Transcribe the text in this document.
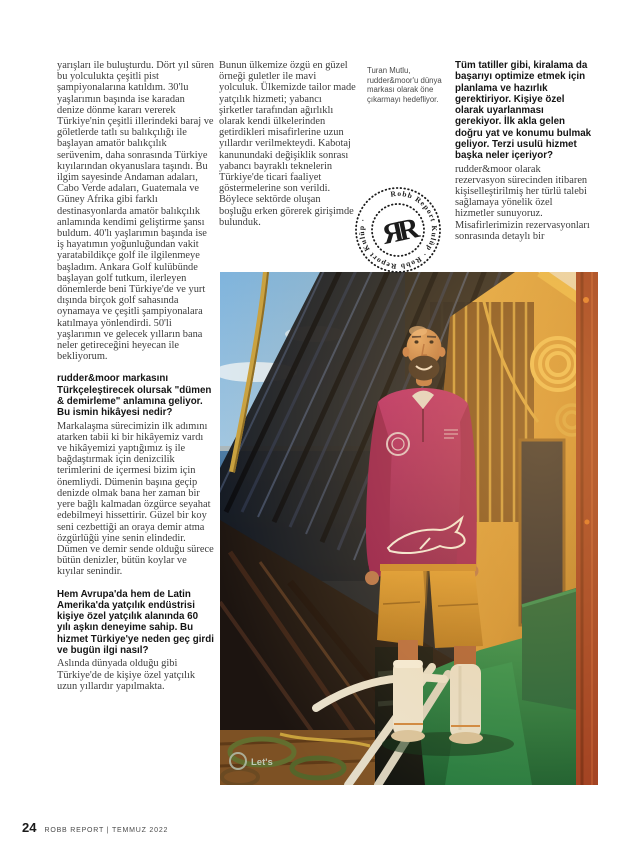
yarışları ile buluşturdu. Dört yıl süren bu yolculukta çeşitli pist şampiyonalarına katıldım. 30'lu yaşlarımın başında ise karadan denize dönme kararı vererek Türkiye'nin çeşitli illerindeki baraj ve göletlerde tatlı su balıkçılığı ile başlayan amatör balıkçılık serüvenim, daha sonrasında Türkiye kıyılarından okyanuslara taşındı. Bu ilgim sayesinde Andaman adaları, Cabo Verde adaları, Guatemala ve Güney Afrika gibi farklı destinasyonlarda amatör balıkçılık anlamında kendimi geliştirme şansı buldum. 40'lı yaşlarımın başında ise iş hayatımın yoğunluğundan vakit yaratabildikçe golf ile ilgilenmeye başladım. Ankara Golf kulübünde başlayan golf tutkum, ilerleyen dönemlerde beni Türkiye'de ve yurt dışında birçok golf sahasında oynamaya ve çeşitli şampiyonalara katılmaya yönlendirdi. 50'li yaşlarımın ve gelecek yılların bana neler getireceğini heyecan ile bekliyorum.

rudder&moor markasını Türkçeleştirecek olursak "dümen & demirleme" anlamına geliyor. Bu ismin hikâyesi nedir?

Markalaşma sürecimizin ilk adımını atarken tabii ki bir hikâyemiz vardı ve hikâyemizi yaptığımız iş ile bağdaştırmak için denizcilik terimlerini de içermesi bizim için önemliydi. Dümenin başına geçip denizde olmak bana her zaman bir yere bağlı kalmadan özgürce seyahat edebilmeyi hissettirir. Güzel bir koy seni cezbettiği an oraya demir atma özgürlüğü yine senin elindedir. Dümen ve demir sende olduğu sürece bütün denizler, bütün koylar ve kıyılar senindir.

Hem Avrupa'da hem de Latin Amerika'da yatçılık endüstrisi kişiye özel yatçılık alanında 60 yılı aşkın deneyime sahip. Bu hizmet Türkiye'ye neden geç girdi ve bugün ilgi nasıl?

Aslında dünyada olduğu gibi Türkiye'de de kişiye özel yatçılık uzun yıllardır yapılmakta.

Bunun ülkemize özgü en güzel örneği guletler ile mavi yolculuk. Ülkemizde tailor made yatçılık hizmeti; yabancı şirketler tarafından ağırlıklı olarak kendi ülkelerinden getirdikleri misafirlerine uzun yıllardır verilmekteydi. Kabotaj kanunundaki değişiklik sonrası yabancı bayraklı teknelerin Türkiye'de ticari faaliyet göstermelerine son verildi. Böylece sektörde oluşan boşluğu erken görerek girişimde bulunduk.

Turan Mutlu, rudder&moor'u dünya markası olarak öne çıkarmayı hedefliyor.

Tüm tatiller gibi, kiralama da başarıyı optimize etmek için planlama ve hazırlık gerektiriyor. Kişiye özel olarak uyarlanması gerekiyor. İlk akla gelen doğru yat ve konumu bulmak geliyor. Terzi usulü hizmet başka neler içeriyor?

rudder&moor olarak rezervasyon sürecinden itibaren kişiselleştirilmiş her türlü talebi sağlamaya yönelik özel hizmetler sunuyoruz. Misafirlerimizin rezervasyonları sonrasında detaylı bir

Let's
Robb Report Kulüp · Robb Report Kulüp · ЯR
24 ROBB REPORT | TEMMUZ 2022
